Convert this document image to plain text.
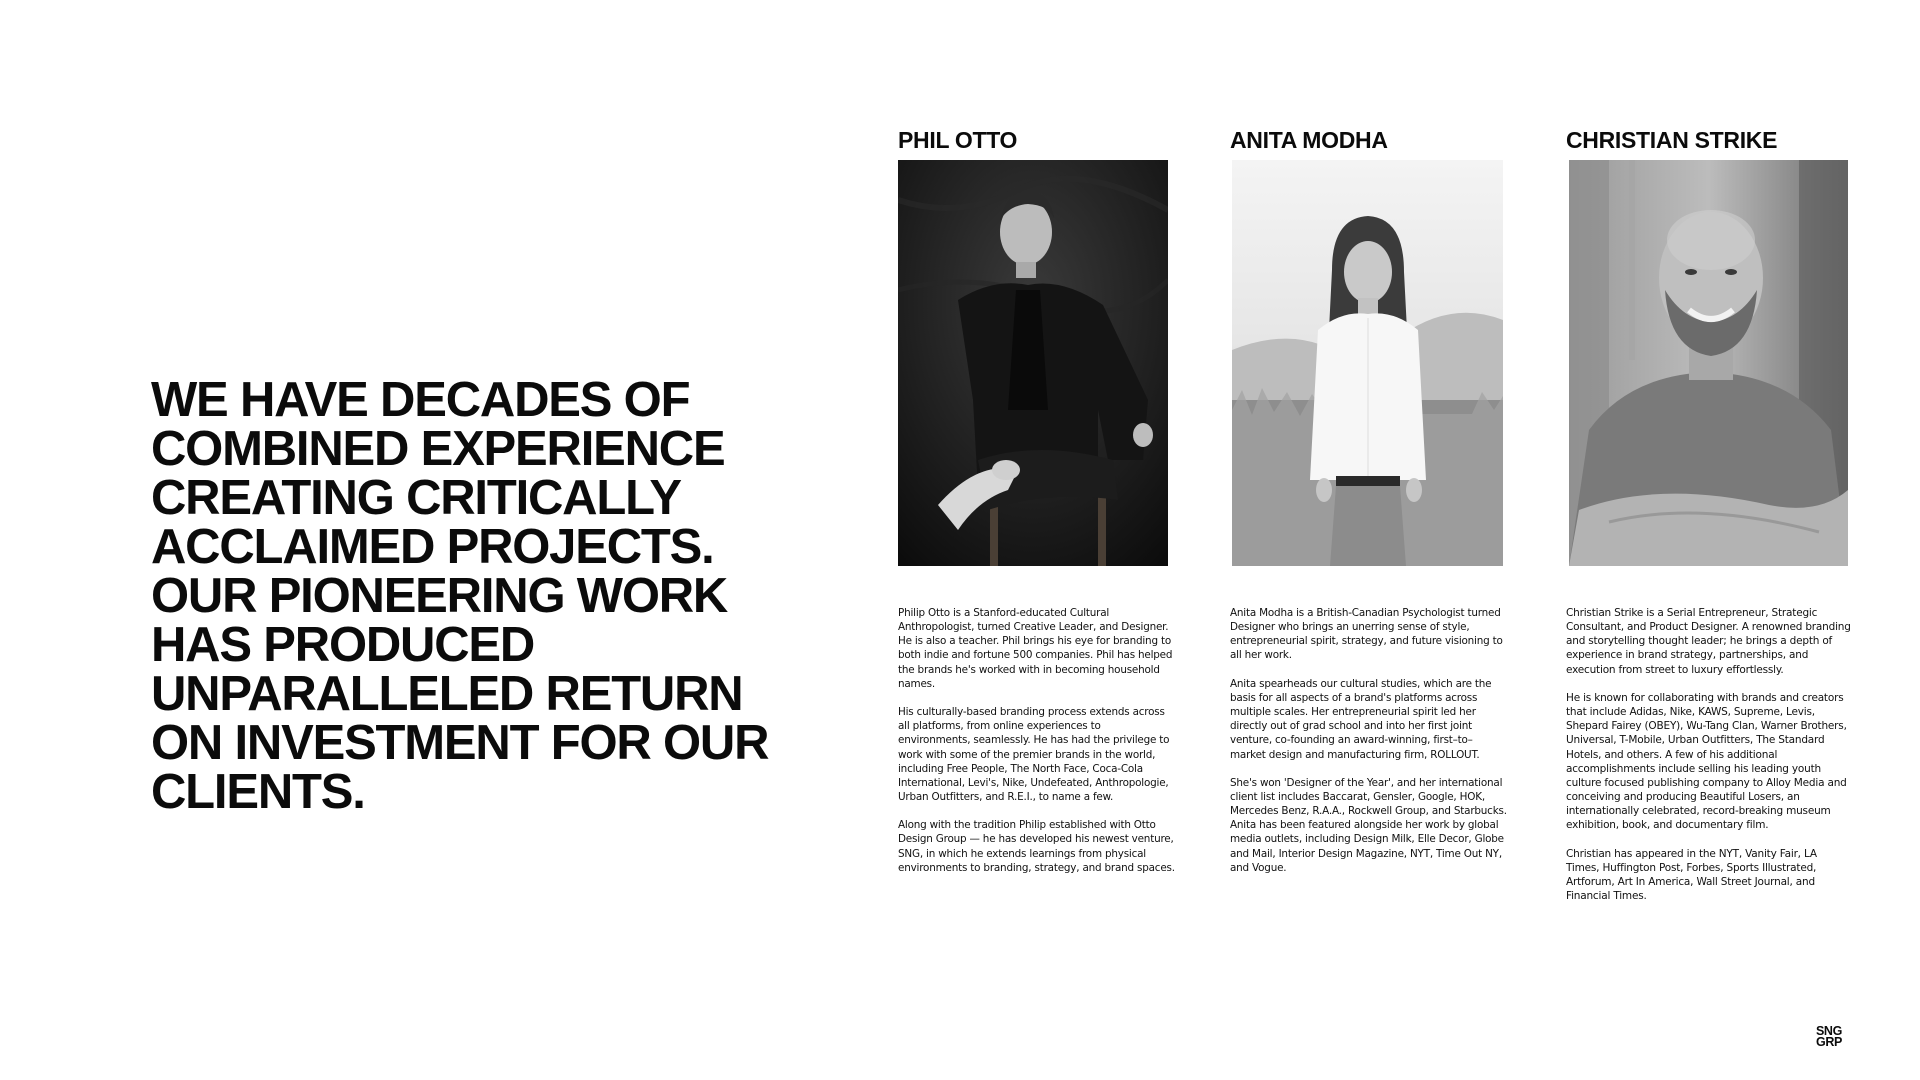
WE HAVE DECADES OF COMBINED EXPERIENCE CREATING CRITICALLY ACCLAIMED PROJECTS. OUR PIONEERING WORK HAS PRODUCED UNPARALLELED RETURN ON INVESTMENT FOR OUR CLIENTS.
PHIL OTTO

Philip Otto is a Stanford-educated Cultural Anthropologist, turned Creative Leader, and Designer. He is also a teacher. Phil brings his eye for branding to both indie and fortune 500 companies. Phil has helped the brands he's worked with in becoming household names.

His culturally-based branding process extends across all platforms, from online experiences to environments, seamlessly. He has had the privilege to work with some of the premier brands in the world, including Free People, The North Face, Coca-Cola International, Levi's, Nike, Undefeated, Anthropologie, Urban Outfitters, and R.E.I., to name a few.

Along with the tradition Philip established with Otto Design Group — he has developed his newest venture, SNG, in which he extends learnings from physical environments to branding, strategy, and brand spaces.

ANITA MODHA

Anita Modha is a British-Canadian Psychologist turned Designer who brings an unerring sense of style, entrepreneurial spirit, strategy, and future visioning to all her work.

Anita spearheads our cultural studies, which are the basis for all aspects of a brand's platforms across multiple scales. Her entrepreneurial spirit led her directly out of grad school and into her first joint venture, co-founding an award-winning, first–to–market design and manufacturing firm, ROLLOUT.

She's won 'Designer of the Year', and her international client list includes Baccarat, Gensler, Google, HOK, Mercedes Benz, R.A.A., Rockwell Group, and Starbucks. Anita has been featured alongside her work by global media outlets, including Design Milk, Elle Decor, Globe and Mail, Interior Design Magazine, NYT, Time Out NY, and Vogue.

CHRISTIAN STRIKE

Christian Strike is a Serial Entrepreneur, Strategic Consultant, and Product Designer. A renowned branding and storytelling thought leader; he brings a depth of experience in brand strategy, partnerships, and execution from street to luxury effortlessly.

He is known for collaborating with brands and creators that include Adidas, Nike, KAWS, Supreme, Levis, Shepard Fairey (OBEY), Wu-Tang Clan, Warner Brothers, Universal, T-Mobile, Urban Outfitters, The Standard Hotels, and others. A few of his additional accomplishments include selling his leading youth culture focused publishing company to Alloy Media and conceiving and producing Beautiful Losers, an internationally celebrated, record-breaking museum exhibition, book, and documentary film.

Christian has appeared in the NYT, Vanity Fair, LA Times, Huffington Post, Forbes, Sports Illustrated, Artforum, Art In America, Wall Street Journal, and Financial Times.

SNG
GRP
